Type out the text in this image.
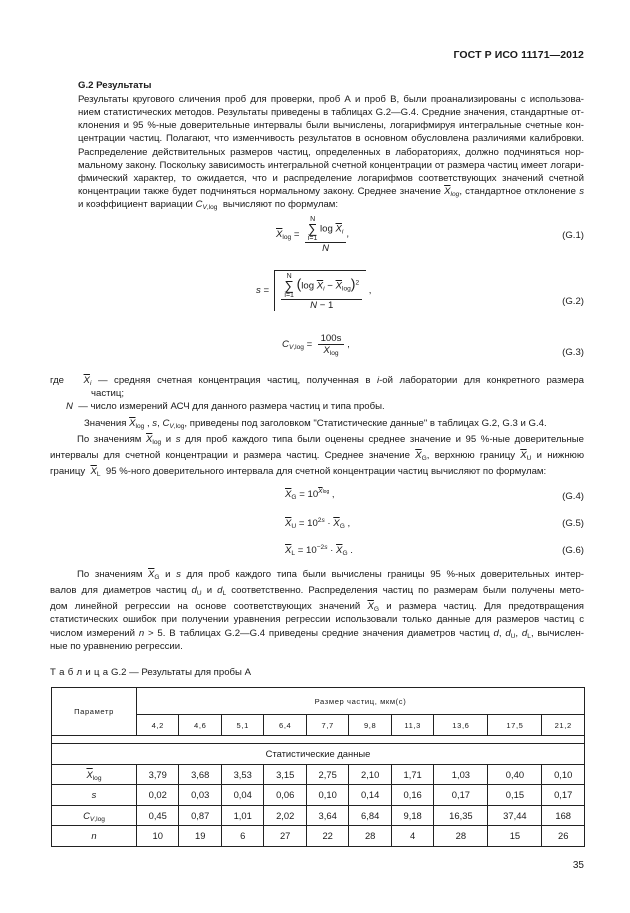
ГОСТ Р ИСО 11171—2012
G.2 Результаты
Результаты кругового сличения проб для проверки, проб А и проб В, были проанализированы с использова-
нием статистических методов. Результаты приведены в таблицах G.2—G.4. Средние значения, стандартные от-
клонения и 95 %-ные доверительные интервалы были вычислены, логарифмируя интегральные счетные кон-
центрации частиц. Полагают, что изменчивость результатов в основном обусловлена различиями калибровки.
Распределение действительных размеров частиц, определенных в лабораториях, должно подчиняться нор-
мальному закону. Поскольку зависимость интегральной счетной концентрации от размера частиц имеет логари-
фмический характер, то ожидается, что и распределение логарифмов соответствующих значений счетной
концентрации также будет подчиняться нормальному закону. Среднее значение $\overline{X}_{log}$, стандартное отклонение s
и коэффициент вариации $C_{V,log}$ вычисляют по формулам:
$\overline{X}_{log}$ =
N
∑
i=1 $\log \overline{X}_i$
N
,	(G.1)
s =
N
∑
i=1 (log $\overline{X}_i - \overline{X}_{log})^2$
N − 1
,
(G.2)
$C_{V,log} = \frac{100s}{\overline{X}_{log}}$ ,
(G.3)
где $\overline{X}_i$ — средняя счетная концентрация частиц, полученная в i-ой лаборатории для конкретного размера
частиц;
N — число измерений АСЧ для данного размера частиц и типа пробы.
Значения $\overline{X}_{log}$ , s, $C_{V,log}$, приведены под заголовком "Статистические данные" в таблицах G.2, G.3 и G.4.
По значениям $\overline{X}_{log}$ и s для проб каждого типа были оценены среднее значение и 95 %-ные доверительные
интервалы для счетной концентрации и размера частиц. Среднее значение $\overline{X}_G$, верхнюю границу $\overline{X}_U$ и нижнюю
границу $\overline{X}_L$ 95 %-ного доверительного интервала для счетной концентрации частиц вычисляют по формулам:
$\overline{X}_G = 10^{\overline{X}log}$ ,	(G.4)
$\overline{X}_U = 10^{2s} \cdot \overline{X}_G$ ,	(G.5)
$\overline{X}_L = 10^{-2s} \cdot \overline{X}_G$ .	(G.6)
По значениям $\overline{X}_G$ и s для проб каждого типа были вычислены границы 95 %-ных доверительных интер-
валов для диаметров частиц $d_U$ и $d_L$ соответственно. Распределения частиц по размерам были получены мето-
дом линейной регрессии на основе соответствующих значений $\overline{X}_G$ и размера частиц. Для предотвращения
статистических ошибок при получении уравнения регрессии использовали только данные для размеров частиц с
числом измерений n > 5. В таблицах G.2—G.4 приведены средние значения диаметров частиц d, $d_U$, $d_L$, вычислен-
ные по уравнению регрессии.
Т а б л и ц а G.2 — Результаты для пробы А
Параметр	Размер частиц, мкм(с)									
	4,2	4,6	5,1	6,4	7,7	9,8	11,3	13,6	17,5	21,2

Статистические данные										
$\overline{X}_{log}$	3,79	3,68	3,53	3,15	2,75	2,10	1,71	1,03	0,40	0,10
s	0,02	0,03	0,04	0,06	0,10	0,14	0,16	0,17	0,15	0,17
$C_{V,log}$	0,45	0,87	1,01	2,02	3,64	6,84	9,18	16,35	37,44	168
n	10	19	6	27	22	28	4	28	15	26
35
